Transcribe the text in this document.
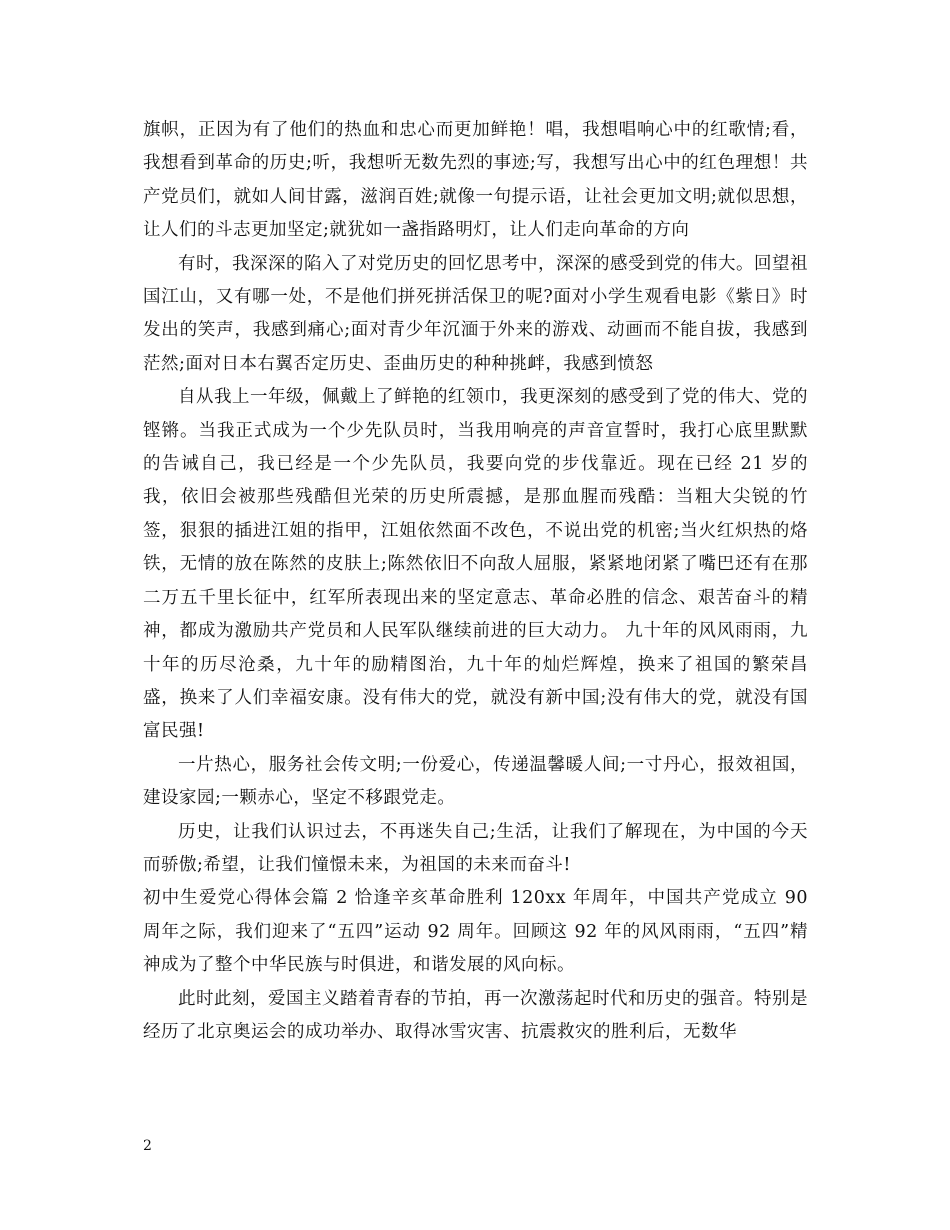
旗帜，正因为有了他们的热血和忠心而更加鲜艳！唱，我想唱响心中的红歌情;看，我想看到革命的历史;听，我想听无数先烈的事迹;写，我想写出心中的红色理想！共产党员们，就如人间甘露，滋润百姓;就像一句提示语，让社会更加文明;就似思想，让人们的斗志更加坚定;就犹如一盏指路明灯，让人们走向革命的方向

有时，我深深的陷入了对党历史的回忆思考中，深深的感受到党的伟大。回望祖国江山，又有哪一处，不是他们拼死拼活保卫的呢?面对小学生观看电影《紫日》时发出的笑声，我感到痛心;面对青少年沉湎于外来的游戏、动画而不能自拔，我感到茫然;面对日本右翼否定历史、歪曲历史的种种挑衅，我感到愤怒

自从我上一年级，佩戴上了鲜艳的红领巾，我更深刻的感受到了党的伟大、党的铿锵。当我正式成为一个少先队员时，当我用响亮的声音宣誓时，我打心底里默默的告诫自己，我已经是一个少先队员，我要向党的步伐靠近。现在已经 21 岁的我，依旧会被那些残酷但光荣的历史所震撼，是那血腥而残酷：当粗大尖锐的竹签，狠狠的插进江姐的指甲，江姐依然面不改色，不说出党的机密;当火红炽热的烙铁，无情的放在陈然的皮肤上;陈然依旧不向敌人屈服，紧紧地闭紧了嘴巴还有在那二万五千里长征中，红军所表现出来的坚定意志、革命必胜的信念、艰苦奋斗的精神，都成为激励共产党员和人民军队继续前进的巨大动力。 九十年的风风雨雨，九十年的历尽沧桑，九十年的励精图治，九十年的灿烂辉煌，换来了祖国的繁荣昌盛，换来了人们幸福安康。没有伟大的党，就没有新中国;没有伟大的党，就没有国富民强!

一片热心，服务社会传文明;一份爱心，传递温馨暖人间;一寸丹心，报效祖国，建设家园;一颗赤心，坚定不移跟党走。

历史，让我们认识过去，不再迷失自己;生活，让我们了解现在，为中国的今天而骄傲;希望，让我们憧憬未来，为祖国的未来而奋斗!

初中生爱党心得体会篇 2 恰逢辛亥革命胜利 120xx 年周年，中国共产党成立 90 周年之际，我们迎来了“五四”运动 92 周年。回顾这 92 年的风风雨雨，“五四”精神成为了整个中华民族与时俱进，和谐发展的风向标。

此时此刻，爱国主义踏着青春的节拍，再一次激荡起时代和历史的强音。特别是经历了北京奥运会的成功举办、取得冰雪灾害、抗震救灾的胜利后，无数华

2
